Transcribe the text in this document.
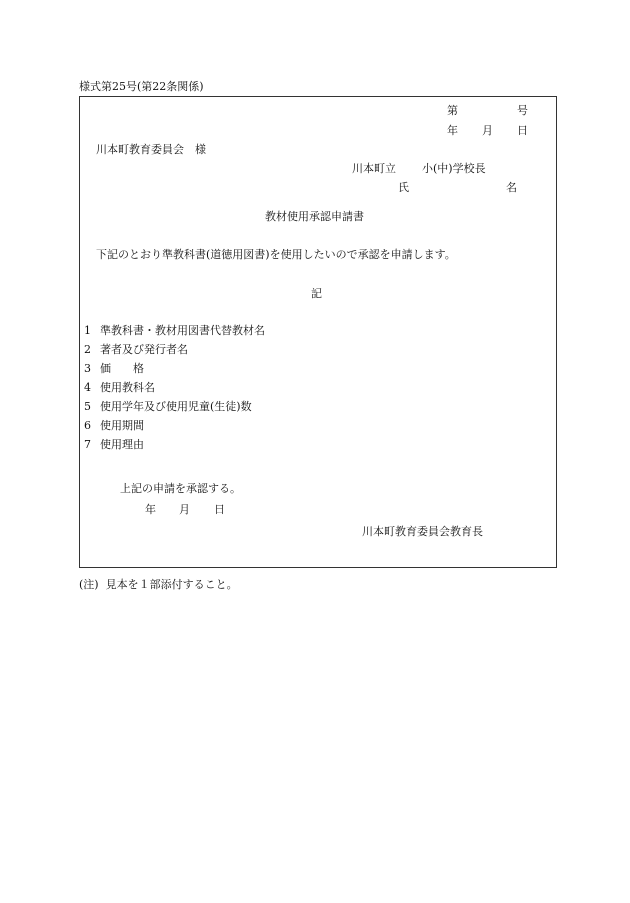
様式第25号(第22条関係)
第	号
年 月 日
川本町教育委員会　様
川本町立 小(中)学校長
氏	名
教材使用承認申請書
下記のとおり準教科書(道徳用図書)を使用したいので承認を申請します。
記
1 準教科書・教材用図書代替教材名
2 著者及び発行者名
3 価　　格
4 使用教科名
5 使用学年及び使用児童(生徒)数
6 使用期間
7 使用理由
上記の申請を承認する。
年 月 日
川本町教育委員会教育長
(注)  見本を１部添付すること。
